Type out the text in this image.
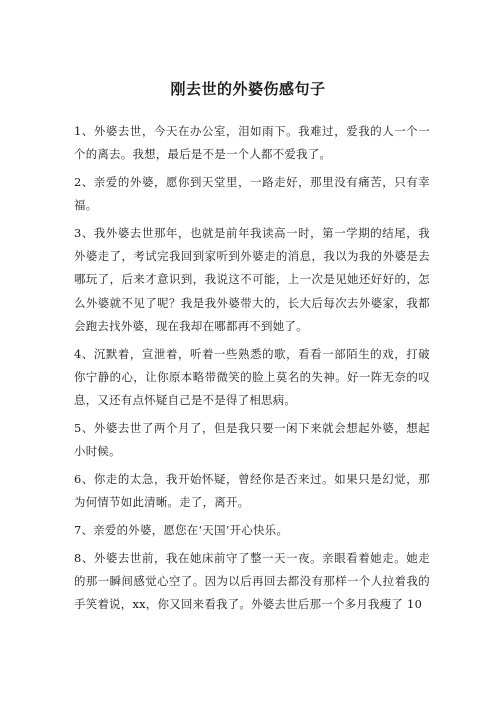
刚去世的外婆伤感句子

1、外婆去世，今天在办公室，泪如雨下。我难过，爱我的人一个一个的离去。我想，最后是不是一个人都不爱我了。

2、亲爱的外婆，愿你到天堂里，一路走好，那里没有痛苦，只有幸福。

3、我外婆去世那年，也就是前年我读高一时，第一学期的结尾，我外婆走了，考试完我回到家听到外婆走的消息，我以为我的外婆是去哪玩了，后来才意识到，我说这不可能，上一次是见她还好好的，怎么外婆就不见了呢？我是我外婆带大的，长大后每次去外婆家，我都会跑去找外婆，现在我却在哪都再不到她了。

4、沉默着，宣泄着，听着一些熟悉的歌，看看一部陌生的戏，打破你宁静的心，让你原本略带微笑的脸上莫名的失神。好一阵无奈的叹息，又还有点怀疑自己是不是得了相思病。

5、外婆去世了两个月了，但是我只要一闲下来就会想起外婆，想起小时候。

6、你走的太急，我开始怀疑，曾经你是否来过。如果只是幻觉，那为何情节如此清晰。走了，离开。

7、亲爱的外婆，愿您在‘天国’开心快乐。

8、外婆去世前，我在她床前守了整一天一夜。亲眼看着她走。她走的那一瞬间感觉心空了。因为以后再回去都没有那样一个人拉着我的手笑着说，xx，你又回来看我了。外婆去世后那一个多月我瘦了 10
